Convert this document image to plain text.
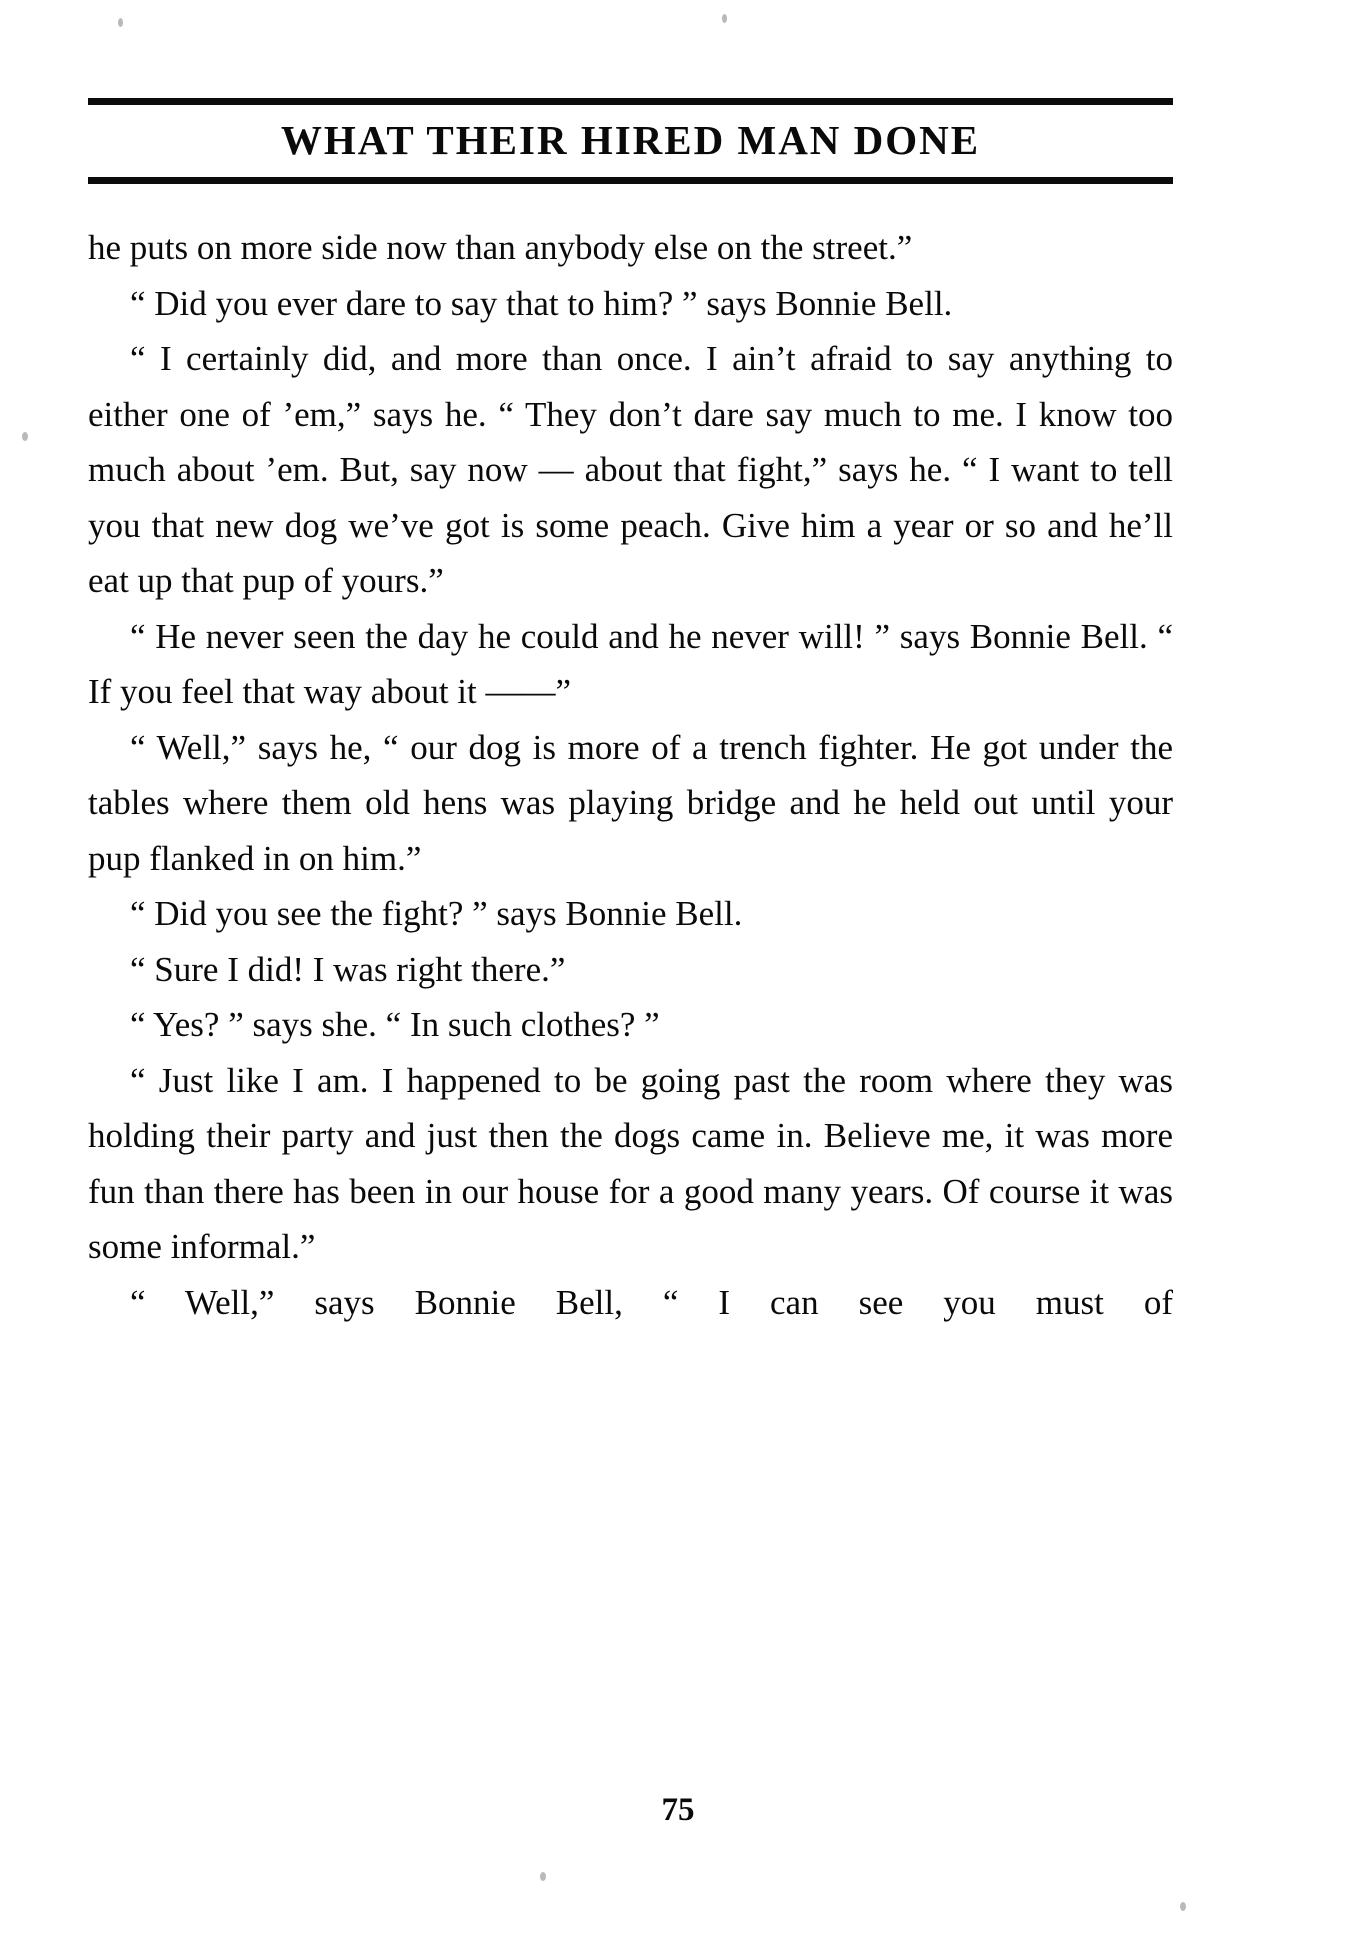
WHAT THEIR HIRED MAN DONE

he puts on more side now than anybody else on the street.”

“ Did you ever dare to say that to him? ” says Bonnie Bell.

“ I certainly did, and more than once. I ain’t afraid to say anything to either one of ’em,” says he. “ They don’t dare say much to me. I know too much about ’em. But, say now — about that fight,” says he. “ I want to tell you that new dog we’ve got is some peach. Give him a year or so and he’ll eat up that pup of yours.”

“ He never seen the day he could and he never will! ” says Bonnie Bell. “ If you feel that way about it ——”

“ Well,” says he, “ our dog is more of a trench fighter. He got under the tables where them old hens was playing bridge and he held out until your pup flanked in on him.”

“ Did you see the fight? ” says Bonnie Bell.

“ Sure I did! I was right there.”

“ Yes? ” says she. “ In such clothes? ”

“ Just like I am. I happened to be going past the room where they was holding their party and just then the dogs came in. Believe me, it was more fun than there has been in our house for a good many years. Of course it was some informal.”

“ Well,” says Bonnie Bell, “ I can see you must of

75
